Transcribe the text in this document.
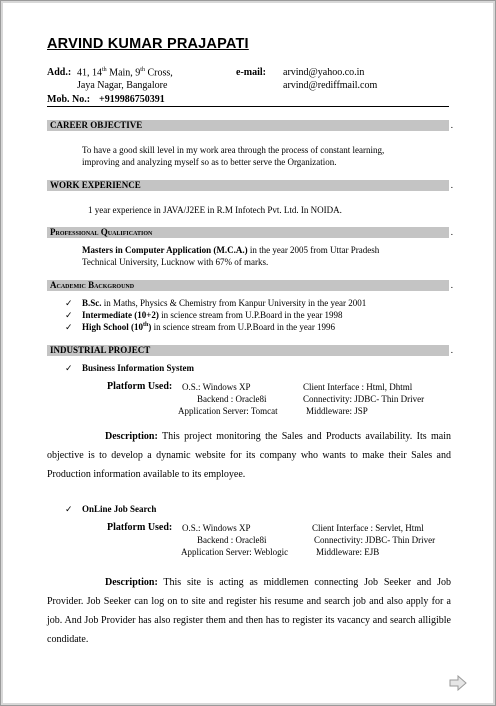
ARVIND KUMAR PRAJAPATI
Add.: 41, 14th Main, 9th Cross,
Jaya Nagar, Bangalore
e-mail: arvind@yahoo.co.in
arvind@rediffmail.com
Mob. No.: +919986750391
CAREER OBJECTIVE	.
To have a good skill level in my work area through the process of constant learning,
improving and analyzing myself so as to better serve the Organization.
WORK EXPERIENCE	.
1 year experience in JAVA/J2EE in R.M Infotech Pvt. Ltd. In NOIDA.
Professional Qualification	.
Masters in Computer Application (M.C.A.) in the year 2005 from Uttar Pradesh
Technical University, Lucknow with 67% of marks.
Academic Background	.
✓ B.Sc. in Maths, Physics & Chemistry from Kanpur University in the year 2001
✓ Intermediate (10+2) in science stream from U.P.Board in the year 1998
✓ High School (10th) in science stream from U.P.Board in the year 1996
INDUSTRIAL PROJECT	.
✓ Business Information System
Platform Used: O.S.: Windows XP	Client Interface : Html, Dhtml
Backend : Oracle8i	Connectivity: JDBC- Thin Driver
Application Server: Tomcat	Middleware: JSP
Description: This project monitoring the Sales and Products availability. Its main objective is to develop a dynamic website for its company who wants to make their Sales and Production information available to its employee.
✓ OnLine Job Search
Platform Used: O.S.: Windows XP	Client Interface : Servlet, Html
Backend : Oracle8i	Connectivity: JDBC- Thin Driver
Application Server: Weblogic	Middleware: EJB
Description: This site is acting as middlemen connecting Job Seeker and Job Provider. Job Seeker can log on to site and register his resume and search job and also apply for a job. And Job Provider has also register them and then has to register its vacancy and search alligible condidate.
